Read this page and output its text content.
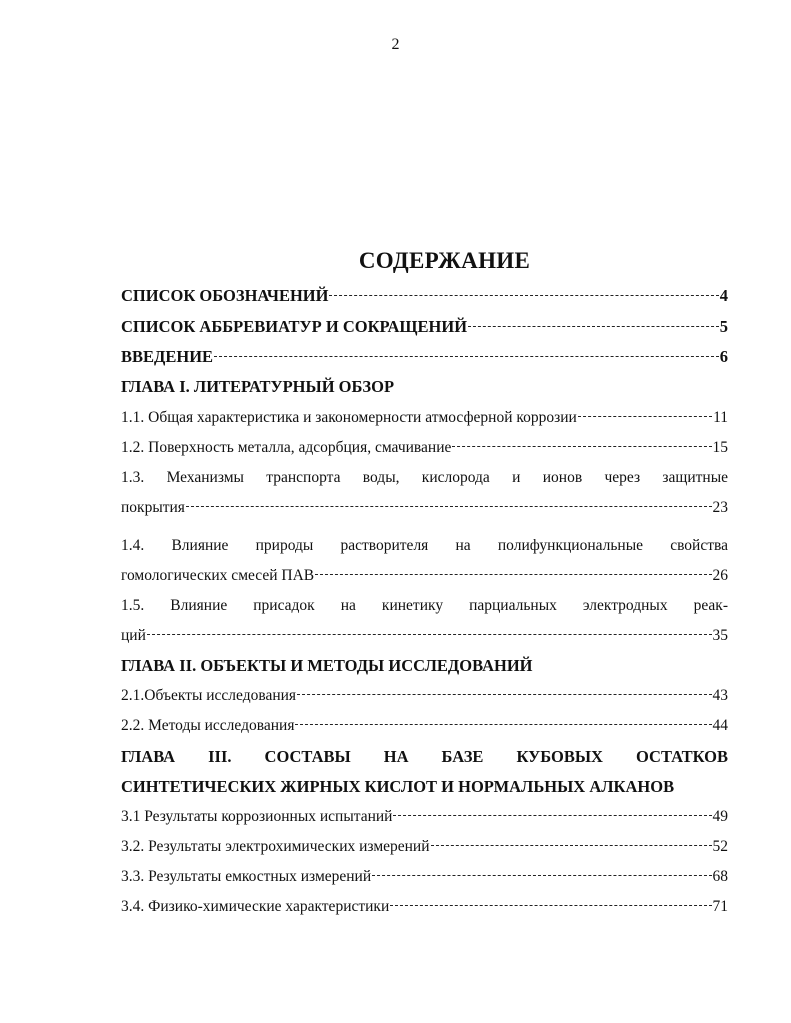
2
СОДЕРЖАНИЕ
СПИСОК ОБОЗНАЧЕНИЙ	4
СПИСОК АББРЕВИАТУР И СОКРАЩЕНИЙ	5
ВВЕДЕНИЕ	6
ГЛАВА I. ЛИТЕРАТУРНЫЙ ОБЗОР
1.1. Общая характеристика и закономерности атмосферной коррозии	11
1.2. Поверхность металла, адсорбция, смачивание	15
1.3. Механизмы транспорта воды, кислорода и ионов через защитные
покрытия	23
1.4. Влияние природы растворителя на полифункциональные свойства
гомологических смесей ПАВ	26
1.5. Влияние присадок на кинетику парциальных электродных реак-
ций	35
ГЛАВА II. ОБЪЕКТЫ И МЕТОДЫ ИССЛЕДОВАНИЙ
2.1.Объекты исследования	43
2.2. Методы исследования	44
ГЛАВА III. СОСТАВЫ НА БАЗЕ КУБОВЫХ ОСТАТКОВ
СИНТЕТИЧЕСКИХ ЖИРНЫХ КИСЛОТ И НОРМАЛЬНЫХ АЛКАНОВ
3.1 Результаты коррозионных испытаний	49
3.2. Результаты электрохимических измерений	52
3.3. Результаты емкостных измерений	68
3.4. Физико-химические характеристики	71
